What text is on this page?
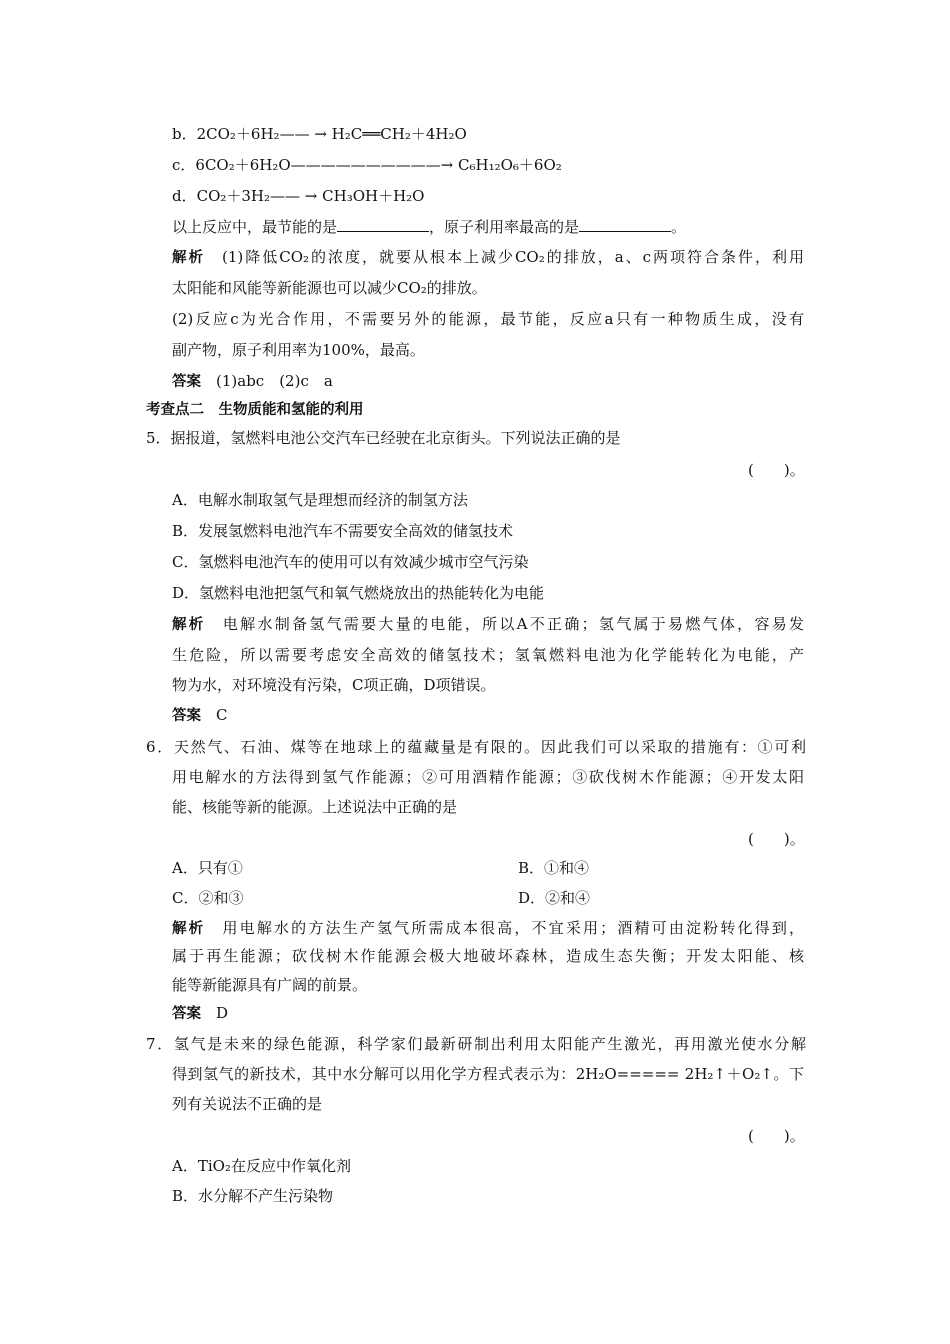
b．2CO₂＋6H₂—— → H₂C══CH₂＋4H₂O
c．6CO₂＋6H₂O——————————→ C₆H₁₂O₆＋6O₂
d．CO₂＋3H₂—— → CH₃OH＋H₂O
以上反应中，最节能的是	，原子利用率最高的是	。
解析　 (1)降低CO₂的浓度，就要从根本上减少CO₂的排放，a、c两项符合条件，利用
太阳能和风能等新能源也可以减少CO₂的排放。
(2)反应c为光合作用，不需要另外的能源，最节能，反应a只有一种物质生成，没有
副产物，原子利用率为100%，最高。
答案　 (1)abc　(2)c　a
考查点二　生物质能和氢能的利用
5．据报道，氢燃料电池公交汽车已经驶在北京街头。下列说法正确的是
(　　)。
A．电解水制取氢气是理想而经济的制氢方法
B．发展氢燃料电池汽车不需要安全高效的储氢技术
C．氢燃料电池汽车的使用可以有效减少城市空气污染
D．氢燃料电池把氢气和氧气燃烧放出的热能转化为电能
解析　 电解水制备氢气需要大量的电能，所以A不正确；氢气属于易燃气体，容易发
生危险，所以需要考虑安全高效的储氢技术；氢氧燃料电池为化学能转化为电能，产
物为水，对环境没有污染，C项正确，D项错误。
答案　 C
6．天然气、石油、煤等在地球上的蕴藏量是有限的。因此我们可以采取的措施有：①可利
用电解水的方法得到氢气作能源；②可用酒精作能源；③砍伐树木作能源；④开发太阳
能、核能等新的能源。上述说法中正确的是
(　　)。
A．只有①	B．①和④
C．②和③	D．②和④
解析　 用电解水的方法生产氢气所需成本很高，不宜采用；酒精可由淀粉转化得到，
属于再生能源；砍伐树木作能源会极大地破坏森林，造成生态失衡；开发太阳能、核
能等新能源具有广阔的前景。
答案　 D
7．氢气是未来的绿色能源，科学家们最新研制出利用太阳能产生激光，再用激光使水分解
得到氢气的新技术，其中水分解可以用化学方程式表示为：2H₂O===== 2H₂↑＋O₂↑。下
列有关说法不正确的是
(　　)。
A．TiO₂在反应中作氧化剂
B．水分解不产生污染物
